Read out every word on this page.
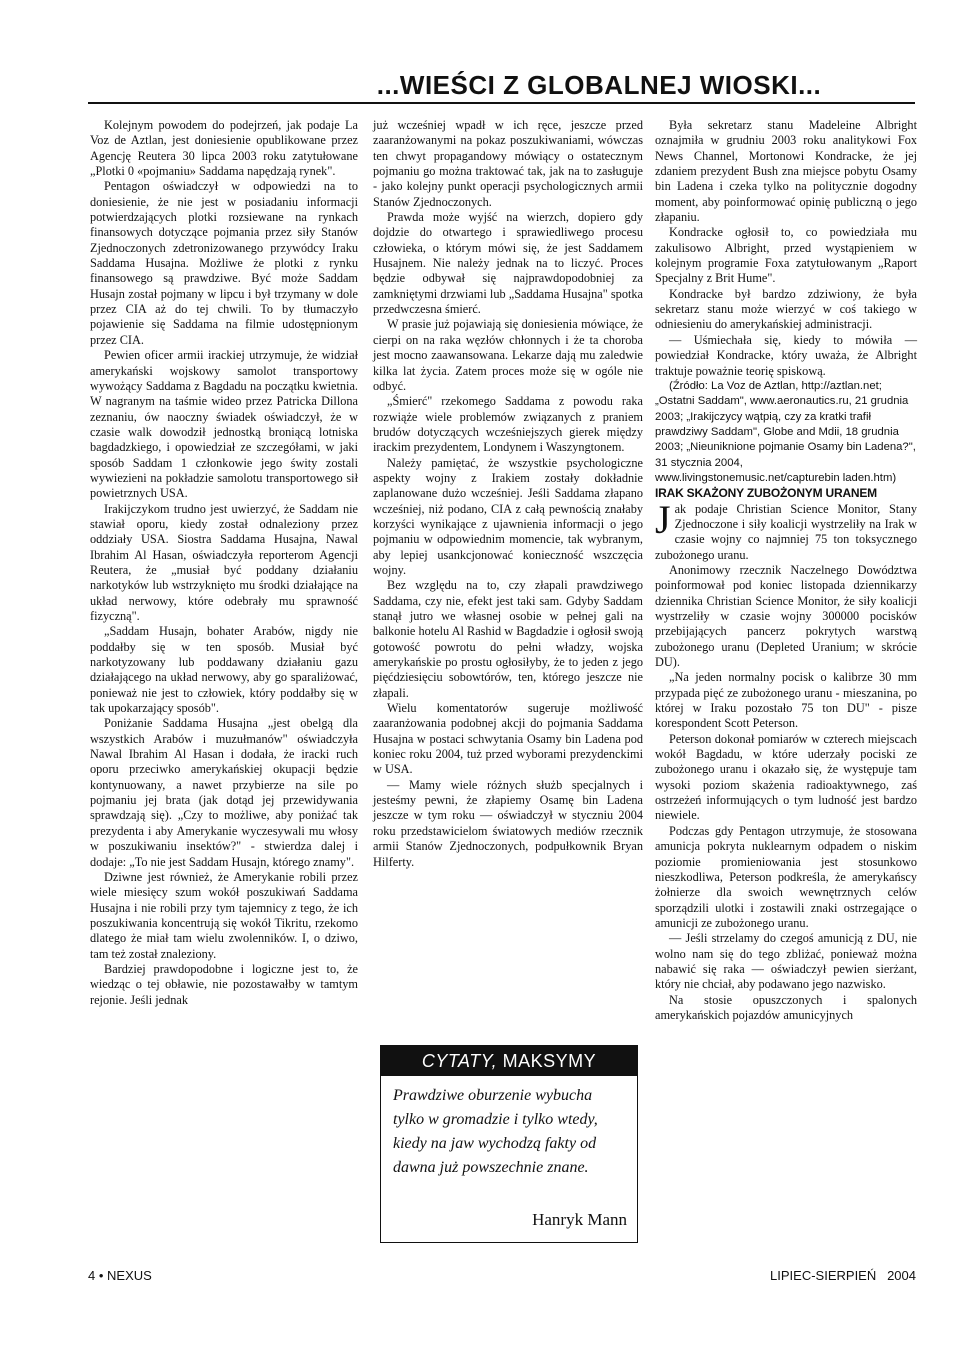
...WIEŚCI Z GLOBALNEJ WIOSKI...

Kolejnym powodem do podejrzeń, jak podaje La Voz de Aztlan, jest doniesienie opublikowane przez Agencję Reutera 30 lipca 2003 roku zatytułowane „Plotki 0 «pojmaniu» Saddama napędzają rynek".

Pentagon oświadczył w odpowiedzi na to doniesienie, że nie jest w posiadaniu informacji potwierdzających plotki rozsiewane na rynkach finansowych dotyczące pojmania przez siły Stanów Zjednoczonych zdetronizowanego przywódcy Iraku Saddama Husajna. Możliwe że plotki z rynku finansowego są prawdziwe. Być może Saddam Husajn został pojmany w lipcu i był trzymany w dole przez CIA aż do tej chwili. To by tłumaczyło pojawienie się Saddama na filmie udostępnionym przez CIA.

Pewien oficer armii irackiej utrzymuje, że widział amerykański wojskowy samolot transportowy wywożący Saddama z Bagdadu na początku kwietnia. W nagranym na taśmie wideo przez Patricka Dillona zeznaniu, ów naoczny świadek oświadczył, że w czasie walk dowodził jednostką broniącą lotniska bagdadzkiego, i opowiedział ze szczegółami, w jaki sposób Saddam 1 członkowie jego świty zostali wywiezieni na pokładzie samolotu transportowego sił powietrznych USA.

Irakijczykom trudno jest uwierzyć, że Saddam nie stawiał oporu, kiedy został odnaleziony przez oddziały USA. Siostra Saddama Husajna, Nawal Ibrahim Al Hasan, oświadczyła reporterom Agencji Reutera, że „musiał być poddany działaniu narkotyków lub wstrzyknięto mu środki działające na układ nerwowy, które odebrały mu sprawność fizyczną".

„Saddam Husajn, bohater Arabów, nigdy nie poddałby się w ten sposób. Musiał być narkotyzowany lub poddawany działaniu gazu działającego na układ nerwowy, aby go sparaliżować, ponieważ nie jest to człowiek, który poddałby się w tak upokarzający sposób".

Poniżanie Saddama Husajna „jest obelgą dla wszystkich Arabów i muzułmanów" oświadczyła Nawal Ibrahim Al Hasan i dodała, że iracki ruch oporu przeciwko amerykańskiej okupacji będzie kontynuowany, a nawet przybierze na sile po pojmaniu jej brata (jak dotąd jej przewidywania sprawdzają się). „Czy to możliwe, aby poniżać tak prezydenta i aby Amerykanie wyczesywali mu włosy w poszukiwaniu insektów?" - stwierdza dalej i dodaje: „To nie jest Saddam Husajn, którego znamy".

Dziwne jest również, że Amerykanie robili przez wiele miesięcy szum wokół poszukiwań Saddama Husajna i nie robili przy tym tajemnicy z tego, że ich poszukiwania koncentrują się wokół Tikritu, rzekomo dlatego że miał tam wielu zwolenników. I, o dziwo, tam też został znaleziony.

Bardziej prawdopodobne i logiczne jest to, że wiedząc o tej obławie, nie pozostawałby w tamtym rejonie. Jeśli jednak

już wcześniej wpadł w ich ręce, jeszcze przed zaaranżowanymi na pokaz poszukiwaniami, wówczas ten chwyt propagandowy mówiący o ostatecznym pojmaniu go można traktować tak, jak na to zasługuje - jako kolejny punkt operacji psychologicznych armii Stanów Zjednoczonych.

Prawda może wyjść na wierzch, dopiero gdy dojdzie do otwartego i sprawiedliwego procesu człowieka, o którym mówi się, że jest Saddamem Husajnem. Nie należy jednak na to liczyć. Proces będzie odbywał się najprawdopodobniej za zamkniętymi drzwiami lub „Saddama Husajna" spotka przedwczesna śmierć.

W prasie już pojawiają się doniesienia mówiące, że cierpi on na raka węzłów chłonnych i że ta choroba jest mocno zaawansowana. Lekarze dają mu zaledwie kilka lat życia. Zatem proces może się w ogóle nie odbyć.

„Śmierć" rzekomego Saddama z powodu raka rozwiąże wiele problemów związanych z praniem brudów dotyczących wcześniejszych gierek między irackim prezydentem, Londynem i Waszyngtonem.

Należy pamiętać, że wszystkie psychologiczne aspekty wojny z Irakiem zostały dokładnie zaplanowane dużo wcześniej. Jeśli Saddama złapano wcześniej, niż podano, CIA z całą pewnością znałaby korzyści wynikające z ujawnienia informacji o jego pojmaniu w odpowiednim momencie, tak wybranym, aby lepiej usankcjonować konieczność wszczęcia wojny.

Bez względu na to, czy złapali prawdziwego Saddama, czy nie, efekt jest taki sam. Gdyby Saddam stanął jutro we własnej osobie w pełnej gali na balkonie hotelu Al Rashid w Bagdadzie i ogłosił swoją gotowość powrotu do pełni władzy, wojska amerykańskie po prostu ogłosiłyby, że to jeden z jego pięćdziesięciu sobowtórów, ten, którego jeszcze nie złapali.

Wielu komentatorów sugeruje możliwość zaaranżowania podobnej akcji do pojmania Saddama Husajna w postaci schwytania Osamy bin Ladena pod koniec roku 2004, tuż przed wyborami prezydenckimi w USA.

— Mamy wiele różnych służb specjalnych i jesteśmy pewni, że złapiemy Osamę bin Ladena jeszcze w tym roku — oświadczył w styczniu 2004 roku przedstawicielom światowych mediów rzecznik armii Stanów Zjednoczonych, podpułkownik Bryan Hilferty.

CYTATY, MAKSYMY
Prawdziwe oburzenie wybucha tylko w gromadzie i tylko wtedy, kiedy na jaw wychodzą fakty od dawna już powszechnie znane.
Hanryk Mann

Była sekretarz stanu Madeleine Albright oznajmiła w grudniu 2003 roku analitykowi Fox News Channel, Mortonowi Kondracke, że jej zdaniem prezydent Bush zna miejsce pobytu Osamy bin Ladena i czeka tylko na politycznie dogodny moment, aby poinformować opinię publiczną o jego złapaniu.

Kondracke ogłosił to, co powiedziała mu zakulisowo Albright, przed wystąpieniem w kolejnym programie Foxa zatytułowanym „Raport Specjalny z Brit Hume".

Kondracke był bardzo zdziwiony, że była sekretarz stanu może wierzyć w coś takiego w odniesieniu do amerykańskiej administracji.

— Uśmiechała się, kiedy to mówiła — powiedział Kondracke, który uważa, że Albright traktuje poważnie teorię spiskową.

(Źródło: La Voz de Aztlan, http://aztlan.net; „Ostatni Saddam", www.aeronautics.ru, 21 grudnia 2003; „Irakijczycy wątpią, czy za kratki trafił prawdziwy Saddam", Globe and Mdii, 18 grudnia 2003; „Nieuniknione pojmanie Osamy bin Ladena?", 31 stycznia 2004, www.livingstonemusic.net/capturebin laden.htm)

IRAK SKAŻONY ZUBOŻONYM URANEM

Jak podaje Christian Science Monitor, Stany Zjednoczone i siły koalicji wystrzeliły na Irak w czasie wojny co najmniej 75 ton toksycznego zubożonego uranu.

Anonimowy rzecznik Naczelnego Dowództwa poinformował pod koniec listopada dziennikarzy dziennika Christian Science Monitor, że siły koalicji wystrzeliły w czasie wojny 300000 pocisków przebijających pancerz pokrytych warstwą zubożonego uranu (Depleted Uranium; w skrócie DU).

„Na jeden normalny pocisk o kalibrze 30 mm przypada pięć ze zubożonego uranu - mieszanina, po której w Iraku pozostało 75 ton DU" - pisze korespondent Scott Peterson.

Peterson dokonał pomiarów w czterech miejscach wokół Bagdadu, w które uderzały pociski ze zubożonego uranu i okazało się, że występuje tam wysoki poziom skażenia radioaktywnego, zaś ostrzeżeń informujących o tym ludność jest bardzo niewiele.

Podczas gdy Pentagon utrzymuje, że stosowana amunicja pokryta nuklearnym odpadem o niskim poziomie promieniowania jest stosunkowo nieszkodliwa, Peterson podkreśla, że amerykańscy żołnierze dla swoich wewnętrznych celów sporządzili ulotki i zostawili znaki ostrzegające o amunicji ze zubożonego uranu.

— Jeśli strzelamy do czegoś amunicją z DU, nie wolno nam się do tego zbliżać, ponieważ można nabawić się raka — oświadczył pewien sierżant, który nie chciał, aby podawano jego nazwisko.

Na stosie opuszczonych i spalonych amerykańskich pojazdów amunicyjnych

4 • NEXUS	LIPIEC-SIERPIEŃ   2004
